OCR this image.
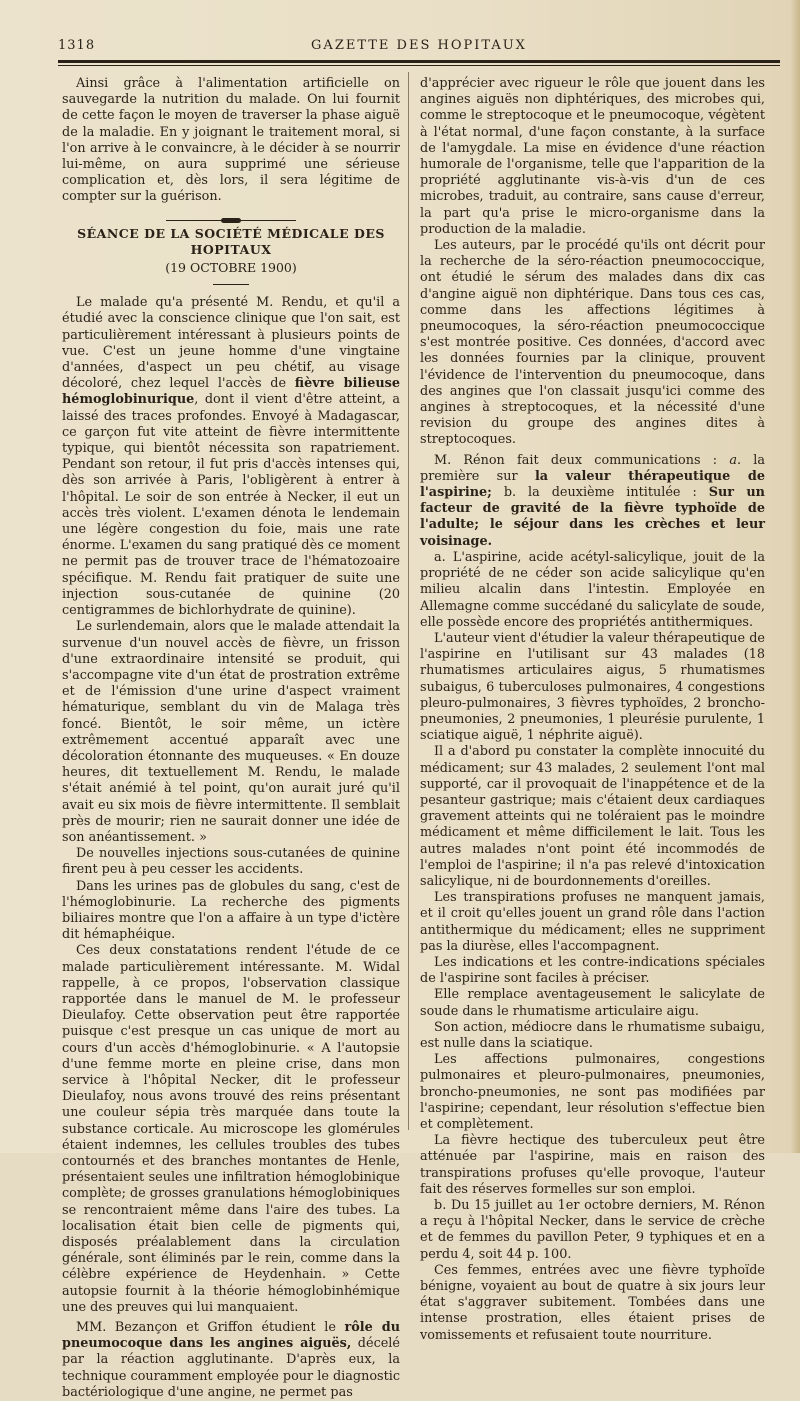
1318	GAZETTE DES HOPITAUX

Ainsi grâce à l'alimentation artificielle on sauvegarde la nutrition du malade. On lui fournit de cette façon le moyen de traverser la phase aiguë de la maladie. En y joignant le traitement moral, si l'on arrive à le convaincre, à le décider à se nourrir lui-même, on aura supprimé une sérieuse complication et, dès lors, il sera légitime de compter sur la guérison.

SÉANCE DE LA SOCIÉTÉ MÉDICALE DES HOPITAUX
(19 OCTOBRE 1900)

Le malade qu'a présenté M. Rendu, et qu'il a étudié avec la conscience clinique que l'on sait, est particulièrement intéressant à plusieurs points de vue. C'est un jeune homme d'une vingtaine d'années, d'aspect un peu chétif, au visage décoloré, chez lequel l'accès de fièvre bilieuse hémoglobinurique, dont il vient d'être atteint, a laissé des traces profondes. Envoyé à Madagascar, ce garçon fut vite atteint de fièvre intermittente typique, qui bientôt nécessita son rapatriement. Pendant son retour, il fut pris d'accès intenses qui, dès son arrivée à Paris, l'obligèrent à entrer à l'hôpital. Le soir de son entrée à Necker, il eut un accès très violent. L'examen dénota le lendemain une légère congestion du foie, mais une rate énorme. L'examen du sang pratiqué dès ce moment ne permit pas de trouver trace de l'hématozoaire spécifique. M. Rendu fait pratiquer de suite une injection sous-cutanée de quinine (20 centigrammes de bichlorhydrate de quinine).

Le surlendemain, alors que le malade attendait la survenue d'un nouvel accès de fièvre, un frisson d'une extraordinaire intensité se produit, qui s'accompagne vite d'un état de prostration extrême et de l'émission d'une urine d'aspect vraiment hématurique, semblant du vin de Malaga très foncé. Bientôt, le soir même, un ictère extrêmement accentué apparaît avec une décoloration étonnante des muqueuses. « En douze heures, dit textuellement M. Rendu, le malade s'était anémié à tel point, qu'on aurait juré qu'il avait eu six mois de fièvre intermittente. Il semblait près de mourir; rien ne saurait donner une idée de son anéantissement. »

De nouvelles injections sous-cutanées de quinine firent peu à peu cesser les accidents.

Dans les urines pas de globules du sang, c'est de l'hémoglobinurie. La recherche des pigments biliaires montre que l'on a affaire à un type d'ictère dit hémaphéique.

Ces deux constatations rendent l'étude de ce malade particulièrement intéressante. M. Widal rappelle, à ce propos, l'observation classique rapportée dans le manuel de M. le professeur Dieulafoy. Cette observation peut être rapportée puisque c'est presque un cas unique de mort au cours d'un accès d'hémoglobinurie. « A l'autopsie d'une femme morte en pleine crise, dans mon service à l'hôpital Necker, dit le professeur Dieulafoy, nous avons trouvé des reins présentant une couleur sépia très marquée dans toute la substance corticale. Au microscope les glomérules étaient indemnes, les cellules troubles des tubes contournés et des branches montantes de Henle, présentaient seules une infiltration hémoglobinique complète; de grosses granulations hémoglobiniques se rencontraient même dans l'aire des tubes. La localisation était bien celle de pigments qui, disposés préalablement dans la circulation générale, sont éliminés par le rein, comme dans la célèbre expérience de Heydenhain. » Cette autopsie fournit à la théorie hémoglobinhémique une des preuves qui lui manquaient.

MM. Bezançon et Griffon étudient le rôle du pneumocoque dans les angines aiguës, décelé par la réaction agglutinante. D'après eux, la technique couramment employée pour le diagnostic bactériologique d'une angine, ne permet pas

d'apprécier avec rigueur le rôle que jouent dans les angines aiguës non diphtériques, des microbes qui, comme le streptocoque et le pneumocoque, végètent à l'état normal, d'une façon constante, à la surface de l'amygdale. La mise en évidence d'une réaction humorale de l'organisme, telle que l'apparition de la propriété agglutinante vis-à-vis d'un de ces microbes, traduit, au contraire, sans cause d'erreur, la part qu'a prise le micro-organisme dans la production de la maladie.

Les auteurs, par le procédé qu'ils ont décrit pour la recherche de la séro-réaction pneumococcique, ont étudié le sérum des malades dans dix cas d'angine aiguë non diphtérique. Dans tous ces cas, comme dans les affections légitimes à pneumocoques, la séro-réaction pneumococcique s'est montrée positive. Ces données, d'accord avec les données fournies par la clinique, prouvent l'évidence de l'intervention du pneumocoque, dans des angines que l'on classait jusqu'ici comme des angines à streptocoques, et la nécessité d'une revision du groupe des angines dites à streptocoques.

M. Rénon fait deux communications : a. la première sur la valeur thérapeutique de l'aspirine; b. la deuxième intitulée : Sur un facteur de gravité de la fièvre typhoïde de l'adulte; le séjour dans les crèches et leur voisinage.

a. L'aspirine, acide acétyl-salicylique, jouit de la propriété de ne céder son acide salicylique qu'en milieu alcalin dans l'intestin. Employée en Allemagne comme succédané du salicylate de soude, elle possède encore des propriétés antithermiques.

L'auteur vient d'étudier la valeur thérapeutique de l'aspirine en l'utilisant sur 43 malades (18 rhumatismes articulaires aigus, 5 rhumatismes subaigus, 6 tuberculoses pulmonaires, 4 congestions pleuro-pulmonaires, 3 fièvres typhoïdes, 2 broncho-pneumonies, 2 pneumonies, 1 pleurésie purulente, 1 sciatique aiguë, 1 néphrite aiguë).

Il a d'abord pu constater la complète innocuité du médicament; sur 43 malades, 2 seulement l'ont mal supporté, car il provoquait de l'inappétence et de la pesanteur gastrique; mais c'étaient deux cardiaques gravement atteints qui ne toléraient pas le moindre médicament et même difficilement le lait. Tous les autres malades n'ont point été incommodés de l'emploi de l'aspirine; il n'a pas relevé d'intoxication salicylique, ni de bourdonnements d'oreilles.

Les transpirations profuses ne manquent jamais, et il croit qu'elles jouent un grand rôle dans l'action antithermique du médicament; elles ne suppriment pas la diurèse, elles l'accompagnent.

Les indications et les contre-indications spéciales de l'aspirine sont faciles à préciser.

Elle remplace aventageusement le salicylate de soude dans le rhumatisme articulaire aigu.

Son action, médiocre dans le rhumatisme subaigu, est nulle dans la sciatique.

Les affections pulmonaires, congestions pulmonaires et pleuro-pulmonaires, pneumonies, broncho-pneumonies, ne sont pas modifiées par l'aspirine; cependant, leur résolution s'effectue bien et complètement.

La fièvre hectique des tuberculeux peut être atténuée par l'aspirine, mais en raison des transpirations profuses qu'elle provoque, l'auteur fait des réserves formelles sur son emploi.

b. Du 15 juillet au 1er octobre derniers, M. Rénon a reçu à l'hôpital Necker, dans le service de crèche et de femmes du pavillon Peter, 9 typhiques et en a perdu 4, soit 44 p. 100.

Ces femmes, entrées avec une fièvre typhoïde bénigne, voyaient au bout de quatre à six jours leur état s'aggraver subitement. Tombées dans une intense prostration, elles étaient prises de vomissements et refusaient toute nourriture.
